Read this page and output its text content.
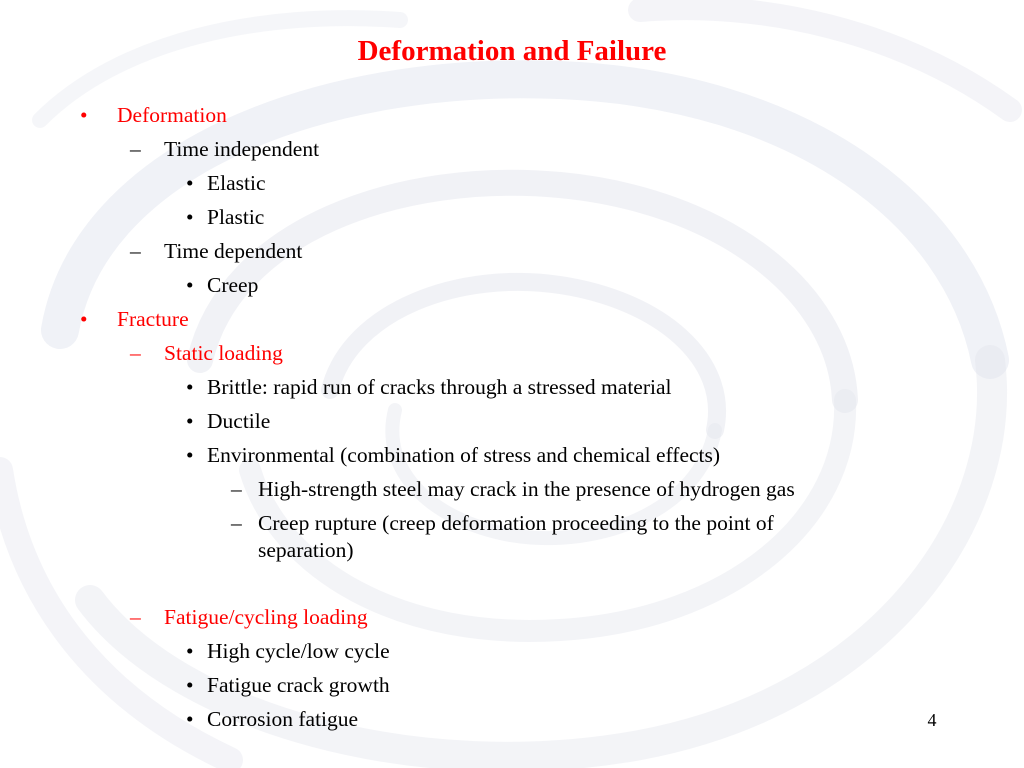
Deformation and Failure
• Deformation
– Time independent
• Elastic
• Plastic
– Time dependent
• Creep
• Fracture
– Static loading
• Brittle: rapid run of cracks through a stressed material
• Ductile
• Environmental (combination of stress and chemical effects)
– High-strength steel may crack in the presence of hydrogen gas
– Creep rupture (creep deformation proceeding to the point of
separation)
– Fatigue/cycling loading
• High cycle/low cycle
• Fatigue crack growth
• Corrosion fatigue	4
